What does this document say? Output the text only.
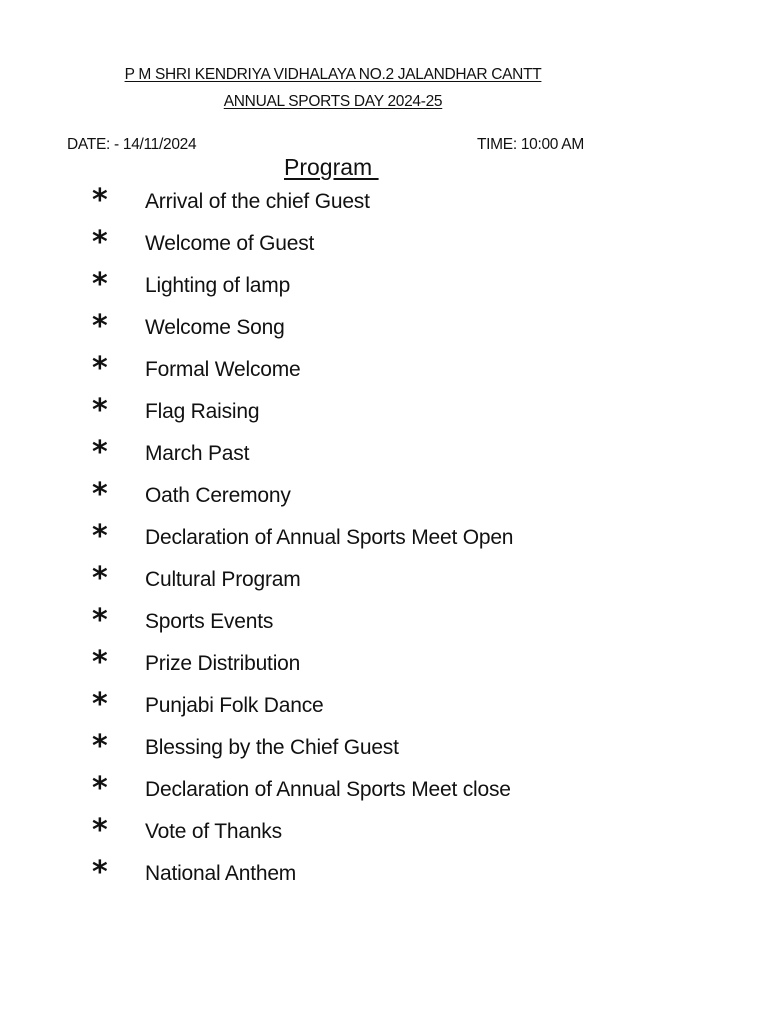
P M SHRI KENDRIYA VIDHALAYA NO.2 JALANDHAR CANTT
ANNUAL SPORTS DAY 2024-25
DATE: - 14/11/2024	TIME: 10:00 AM
Program
* Arrival of the chief Guest
* Welcome of Guest
* Lighting of lamp
* Welcome Song
* Formal Welcome
* Flag Raising
* March Past
* Oath Ceremony
* Declaration of Annual Sports Meet Open
* Cultural Program
* Sports Events
* Prize Distribution
* Punjabi Folk Dance
* Blessing by the Chief Guest
* Declaration of Annual Sports Meet close
* Vote of Thanks
* National Anthem
